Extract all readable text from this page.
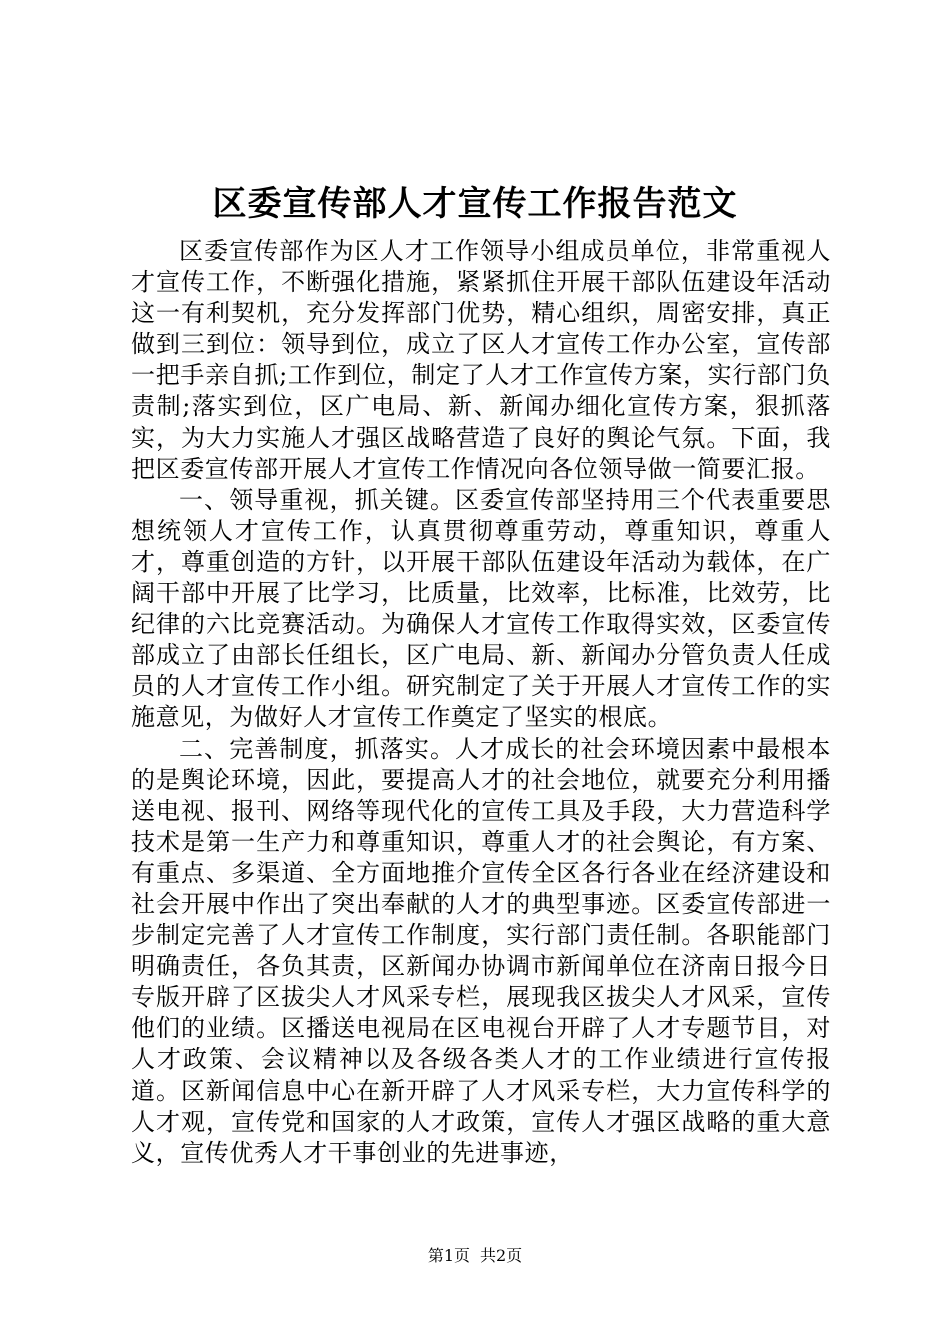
区委宣传部人才宣传工作报告范文

区委宣传部作为区人才工作领导小组成员单位，非常重视人才宣传工作，不断强化措施，紧紧抓住开展干部队伍建设年活动这一有利契机，充分发挥部门优势，精心组织，周密安排，真正做到三到位：领导到位，成立了区人才宣传工作办公室，宣传部一把手亲自抓;工作到位，制定了人才工作宣传方案，实行部门负责制;落实到位，区广电局、新、新闻办细化宣传方案，狠抓落实，为大力实施人才强区战略营造了良好的舆论气氛。下面，我把区委宣传部开展人才宣传工作情况向各位领导做一简要汇报。

一、领导重视，抓关键。区委宣传部坚持用三个代表重要思想统领人才宣传工作，认真贯彻尊重劳动，尊重知识，尊重人才，尊重创造的方针，以开展干部队伍建设年活动为载体，在广阔干部中开展了比学习，比质量，比效率，比标准，比效劳，比纪律的六比竞赛活动。为确保人才宣传工作取得实效，区委宣传部成立了由部长任组长，区广电局、新、新闻办分管负责人任成员的人才宣传工作小组。研究制定了关于开展人才宣传工作的实施意见，为做好人才宣传工作奠定了坚实的根底。

二、完善制度，抓落实。人才成长的社会环境因素中最根本的是舆论环境，因此，要提高人才的社会地位，就要充分利用播送电视、报刊、网络等现代化的宣传工具及手段，大力营造科学技术是第一生产力和尊重知识，尊重人才的社会舆论，有方案、有重点、多渠道、全方面地推介宣传全区各行各业在经济建设和社会开展中作出了突出奉献的人才的典型事迹。区委宣传部进一步制定完善了人才宣传工作制度，实行部门责任制。各职能部门明确责任，各负其责，区新闻办协调市新闻单位在济南日报今日专版开辟了区拔尖人才风采专栏，展现我区拔尖人才风采，宣传他们的业绩。区播送电视局在区电视台开辟了人才专题节目，对人才政策、会议精神以及各级各类人才的工作业绩进行宣传报道。区新闻信息中心在新开辟了人才风采专栏，大力宣传科学的人才观，宣传党和国家的人才政策，宣传人才强区战略的重大意义，宣传优秀人才干事创业的先进事迹，

第1页 共2页
